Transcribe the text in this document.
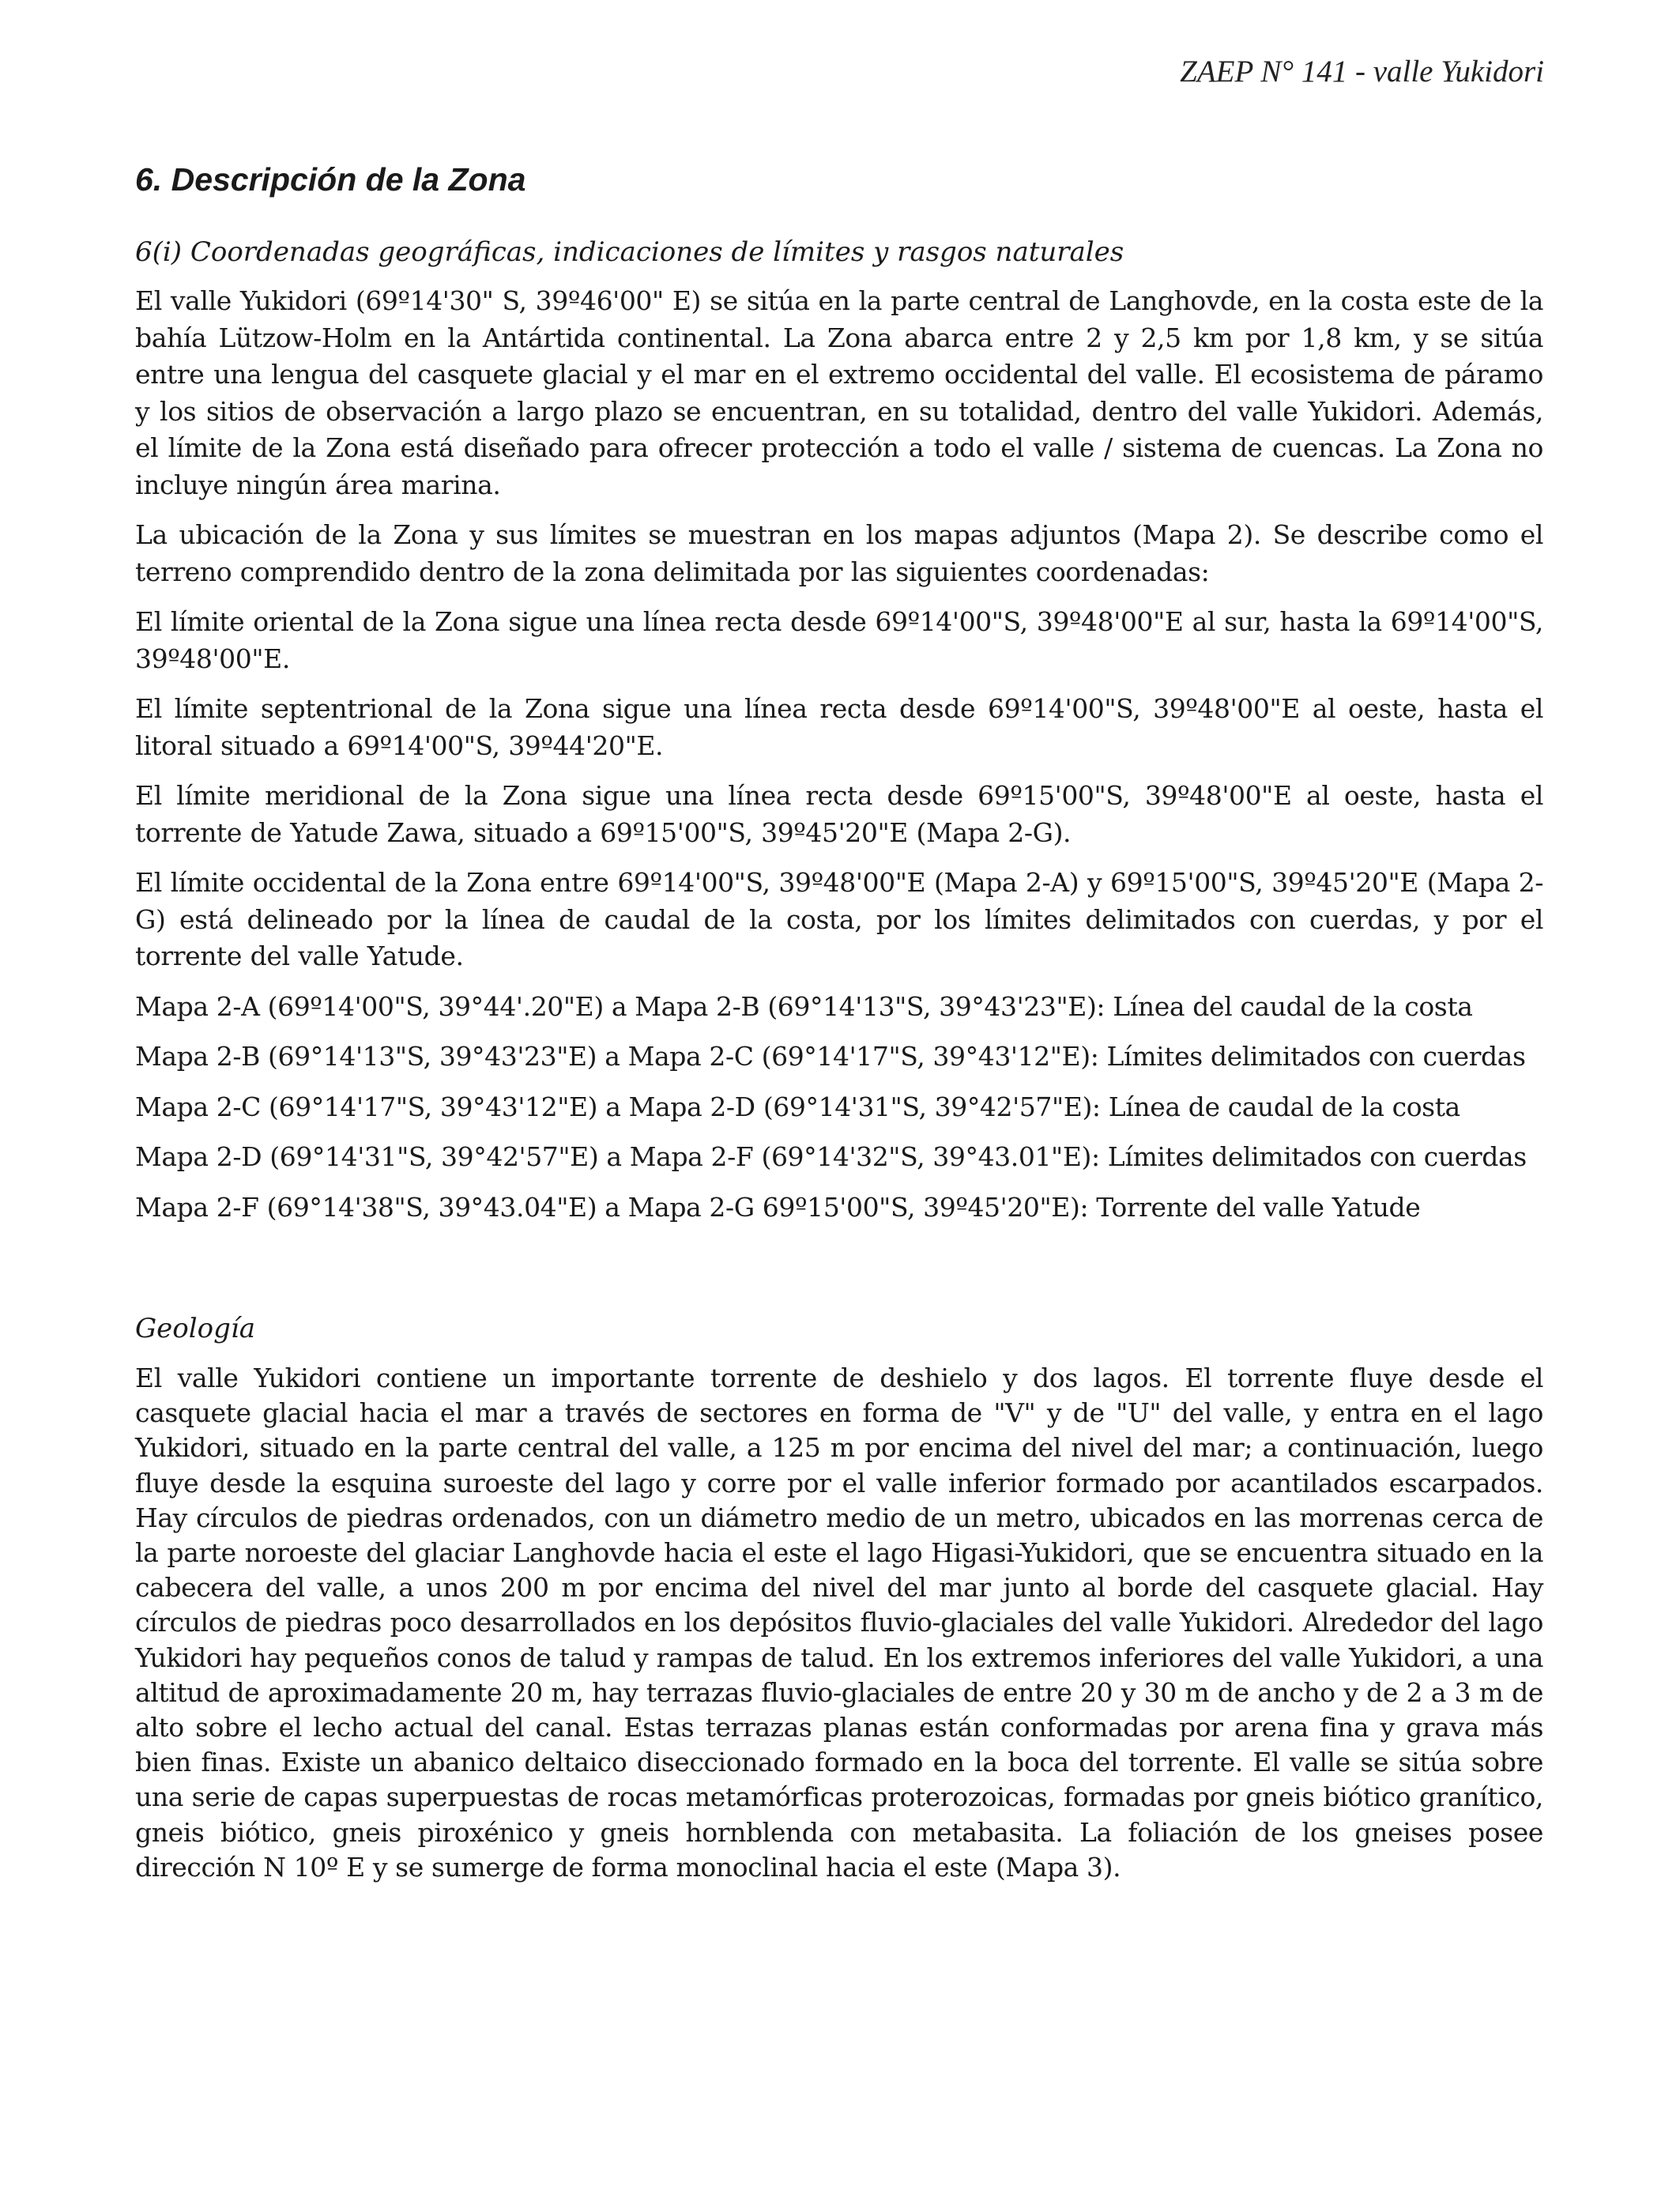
ZAEP N° 141 - valle Yukidori
6. Descripción de la Zona
6(i) Coordenadas geográficas, indicaciones de límites y rasgos naturales

El valle Yukidori (69º14'30" S, 39º46'00" E) se sitúa en la parte central de Langhovde, en la costa este de la bahía Lützow-Holm en la Antártida continental. La Zona abarca entre 2 y 2,5 km por 1,8 km, y se sitúa entre una lengua del casquete glacial y el mar en el extremo occidental del valle. El ecosistema de páramo y los sitios de observación a largo plazo se encuentran, en su totalidad, dentro del valle Yukidori. Además, el límite de la Zona está diseñado para ofrecer protección a todo el valle / sistema de cuencas. La Zona no incluye ningún área marina.

La ubicación de la Zona y sus límites se muestran en los mapas adjuntos (Mapa 2). Se describe como el terreno comprendido dentro de la zona delimitada por las siguientes coordenadas:

El límite oriental de la Zona sigue una línea recta desde 69º14'00"S, 39º48'00"E al sur, hasta la 69º14'00"S, 39º48'00"E.

El límite septentrional de la Zona sigue una línea recta desde 69º14'00"S, 39º48'00"E al oeste, hasta el litoral situado a 69º14'00"S, 39º44'20"E.

El límite meridional de la Zona sigue una línea recta desde 69º15'00"S, 39º48'00"E al oeste, hasta el torrente de Yatude Zawa, situado a 69º15'00"S, 39º45'20"E (Mapa 2-G).

El límite occidental de la Zona entre 69º14'00"S, 39º48'00"E (Mapa 2-A) y 69º15'00"S, 39º45'20"E (Mapa 2-G) está delineado por la línea de caudal de la costa, por los límites delimitados con cuerdas, y por el torrente del valle Yatude.

Mapa 2-A (69º14'00"S, 39°44'.20"E) a Mapa 2-B (69°14'13"S, 39°43'23"E): Línea del caudal de la costa

Mapa 2-B (69°14'13"S, 39°43'23"E) a Mapa 2-C (69°14'17"S, 39°43'12"E): Límites delimitados con cuerdas

Mapa 2-C (69°14'17"S, 39°43'12"E) a Mapa 2-D (69°14'31"S, 39°42'57"E): Línea de caudal de la costa

Mapa 2-D (69°14'31"S, 39°42'57"E) a Mapa 2-F (69°14'32"S, 39°43.01"E): Límites delimitados con cuerdas

Mapa 2-F (69°14'38"S, 39°43.04"E) a Mapa 2-G 69º15'00"S, 39º45'20"E): Torrente del valle Yatude

Geología

El valle Yukidori contiene un importante torrente de deshielo y dos lagos. El torrente fluye desde el casquete glacial hacia el mar a través de sectores en forma de "V" y de "U" del valle, y entra en el lago Yukidori, situado en la parte central del valle, a 125 m por encima del nivel del mar; a continuación, luego fluye desde la esquina suroeste del lago y corre por el valle inferior formado por acantilados escarpados. Hay círculos de piedras ordenados, con un diámetro medio de un metro, ubicados en las morrenas cerca de la parte noroeste del glaciar Langhovde hacia el este el lago Higasi-Yukidori, que se encuentra situado en la cabecera del valle, a unos 200 m por encima del nivel del mar junto al borde del casquete glacial. Hay círculos de piedras poco desarrollados en los depósitos fluvio-glaciales del valle Yukidori. Alrededor del lago Yukidori hay pequeños conos de talud y rampas de talud. En los extremos inferiores del valle Yukidori, a una altitud de aproximadamente 20 m, hay terrazas fluvio-glaciales de entre 20 y 30 m de ancho y de 2 a 3 m de alto sobre el lecho actual del canal. Estas terrazas planas están conformadas por arena fina y grava más bien finas. Existe un abanico deltaico diseccionado formado en la boca del torrente. El valle se sitúa sobre una serie de capas superpuestas de rocas metamórficas proterozoicas, formadas por gneis biótico granítico, gneis biótico, gneis piroxénico y gneis hornblenda con metabasita. La foliación de los gneises posee dirección N 10º E y se sumerge de forma monoclinal hacia el este (Mapa 3).
